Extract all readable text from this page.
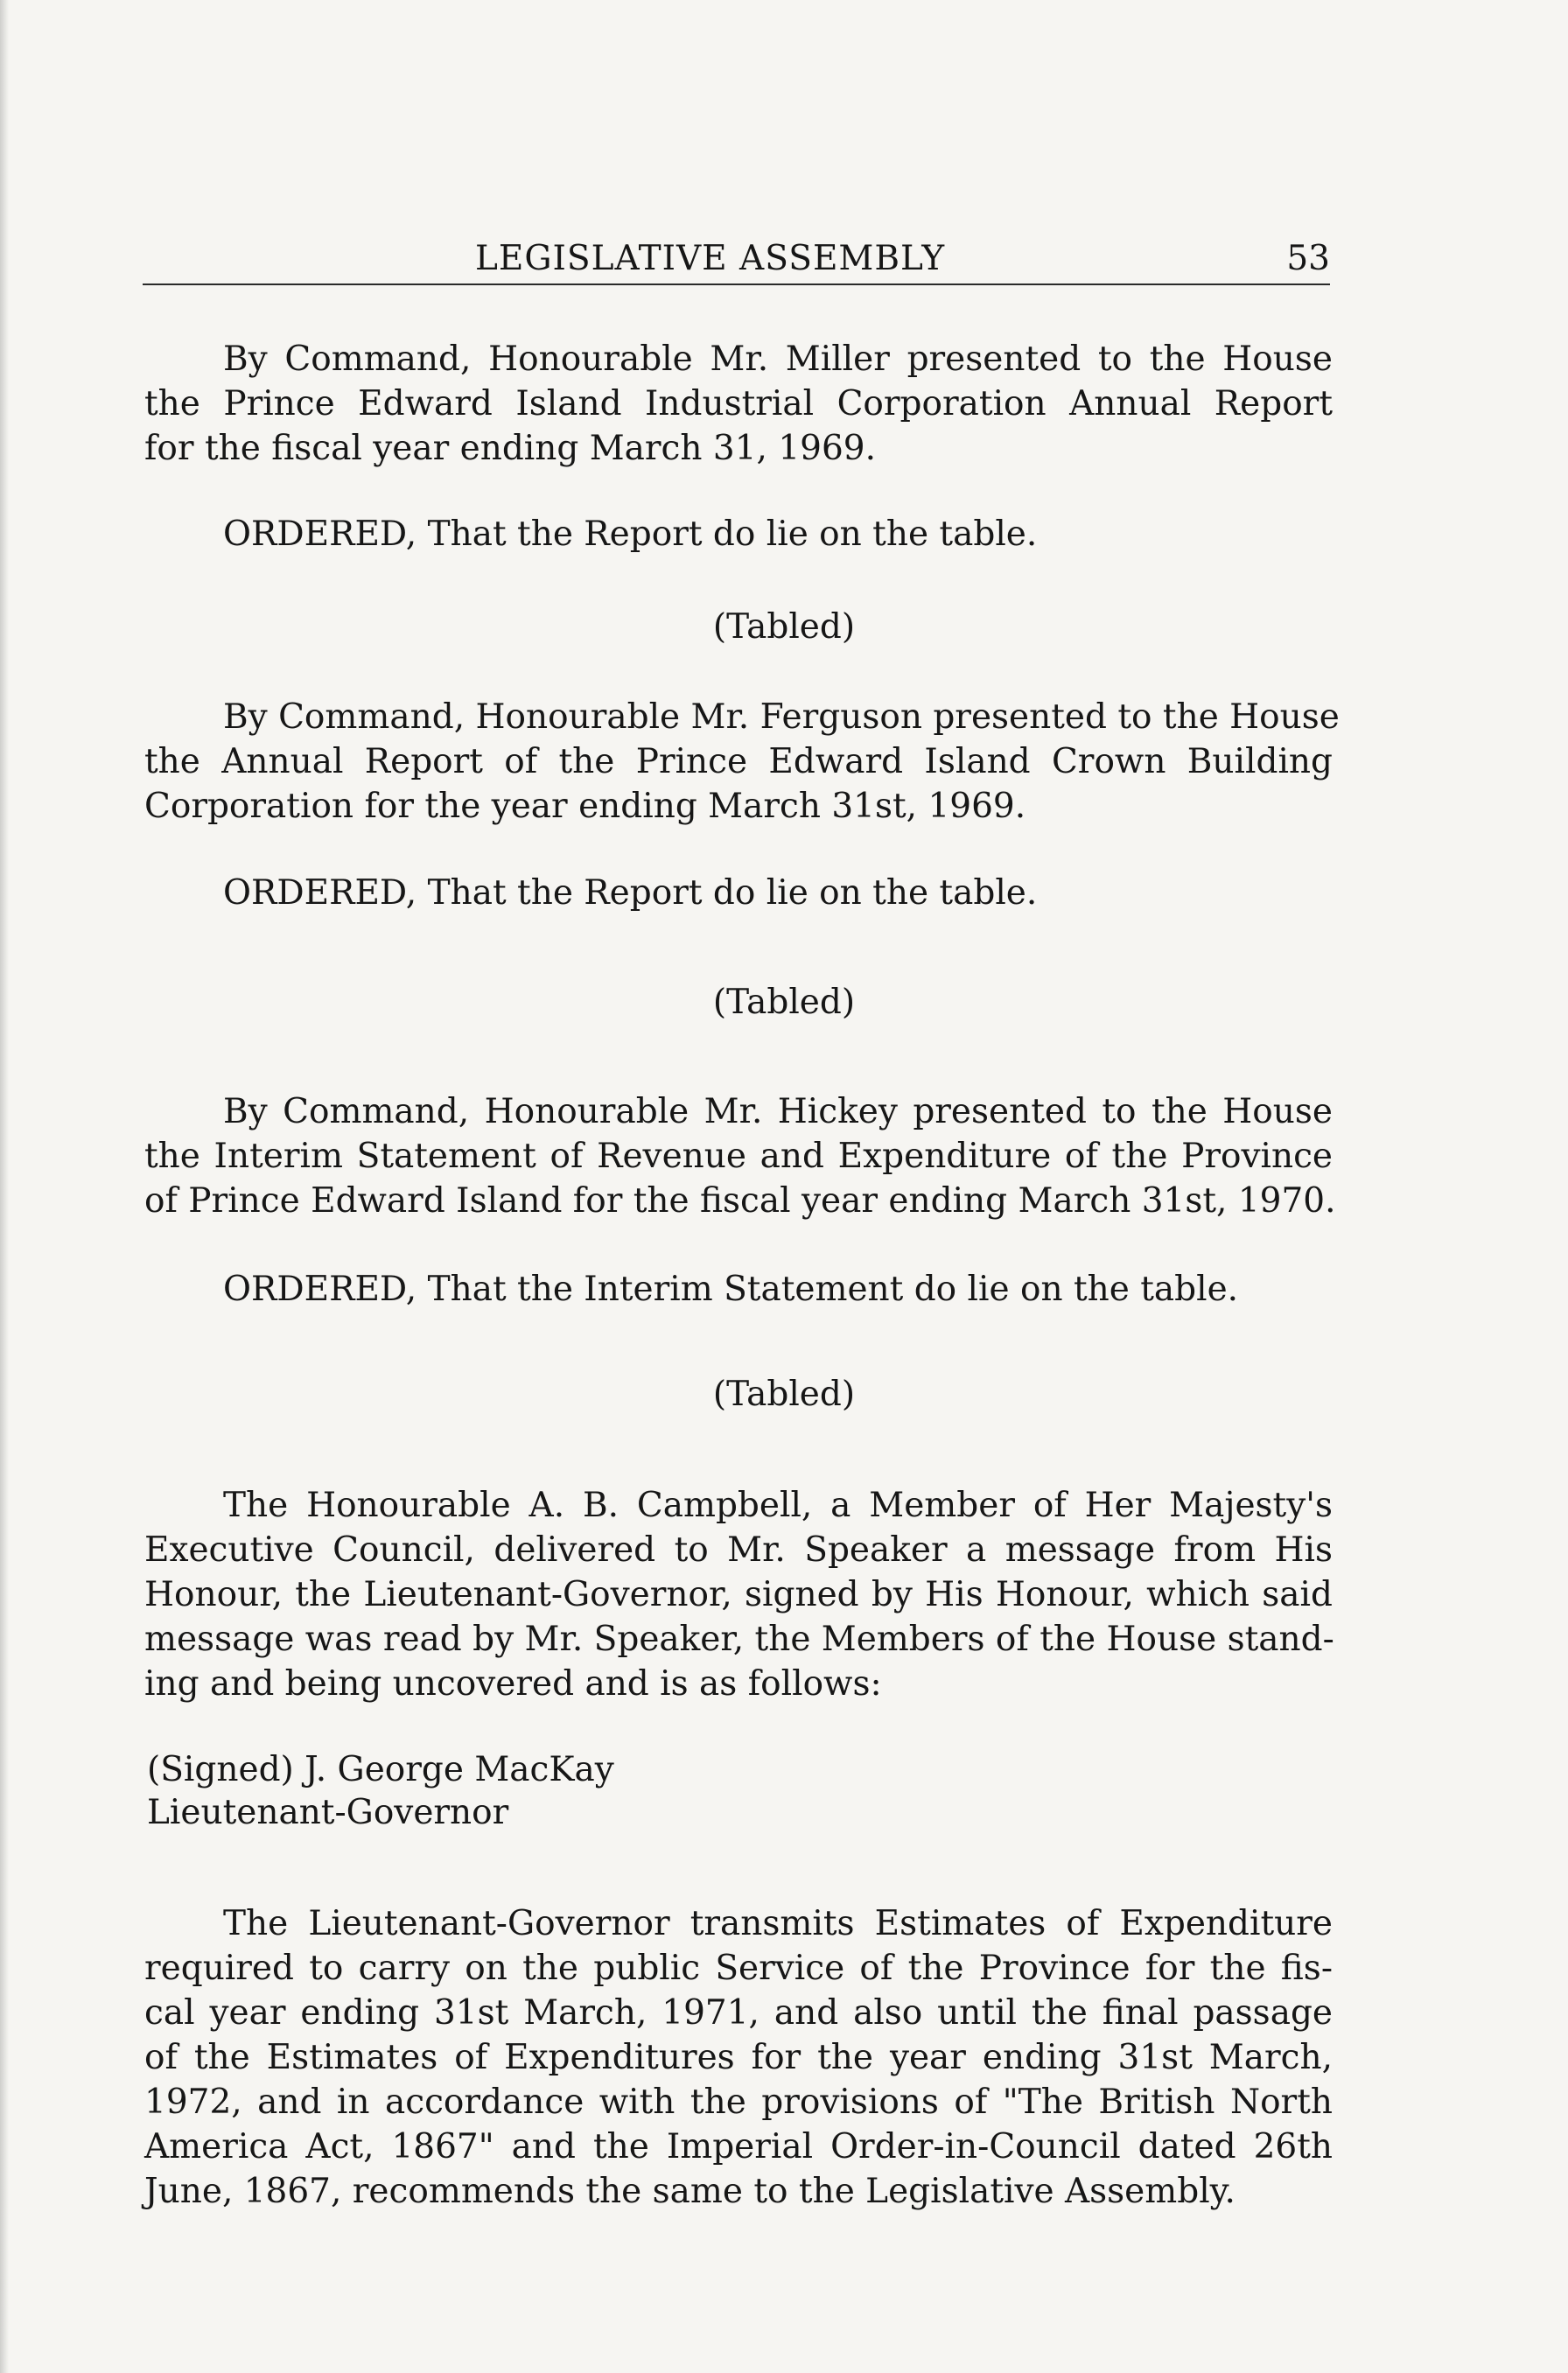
LEGISLATIVE ASSEMBLY	53

By Command, Honourable Mr. Miller presented to the House
the Prince Edward Island Industrial Corporation Annual Report
for the fiscal year ending March 31, 1969.

ORDERED, That the Report do lie on the table.
(Tabled)

By Command, Honourable Mr. Ferguson presented to the House
the Annual Report of the Prince Edward Island Crown Building
Corporation for the year ending March 31st, 1969.

ORDERED, That the Report do lie on the table.
(Tabled)

By Command, Honourable Mr. Hickey presented to the House
the Interim Statement of Revenue and Expenditure of the Province
of Prince Edward Island for the fiscal year ending March 31st, 1970.

ORDERED, That the Interim Statement do lie on the table.
(Tabled)

The Honourable A. B. Campbell, a Member of Her Majesty's
Executive Council, delivered to Mr. Speaker a message from His
Honour, the Lieutenant-Governor, signed by His Honour, which said
message was read by Mr. Speaker, the Members of the House stand-
ing and being uncovered and is as follows:

(Signed) J. George MacKay
Lieutenant-Governor

The Lieutenant-Governor transmits Estimates of Expenditure
required to carry on the public Service of the Province for the fis-
cal year ending 31st March, 1971, and also until the final passage
of the Estimates of Expenditures for the year ending 31st March,
1972, and in accordance with the provisions of "The British North
America Act, 1867" and the Imperial Order-in-Council dated 26th
June, 1867, recommends the same to the Legislative Assembly.
